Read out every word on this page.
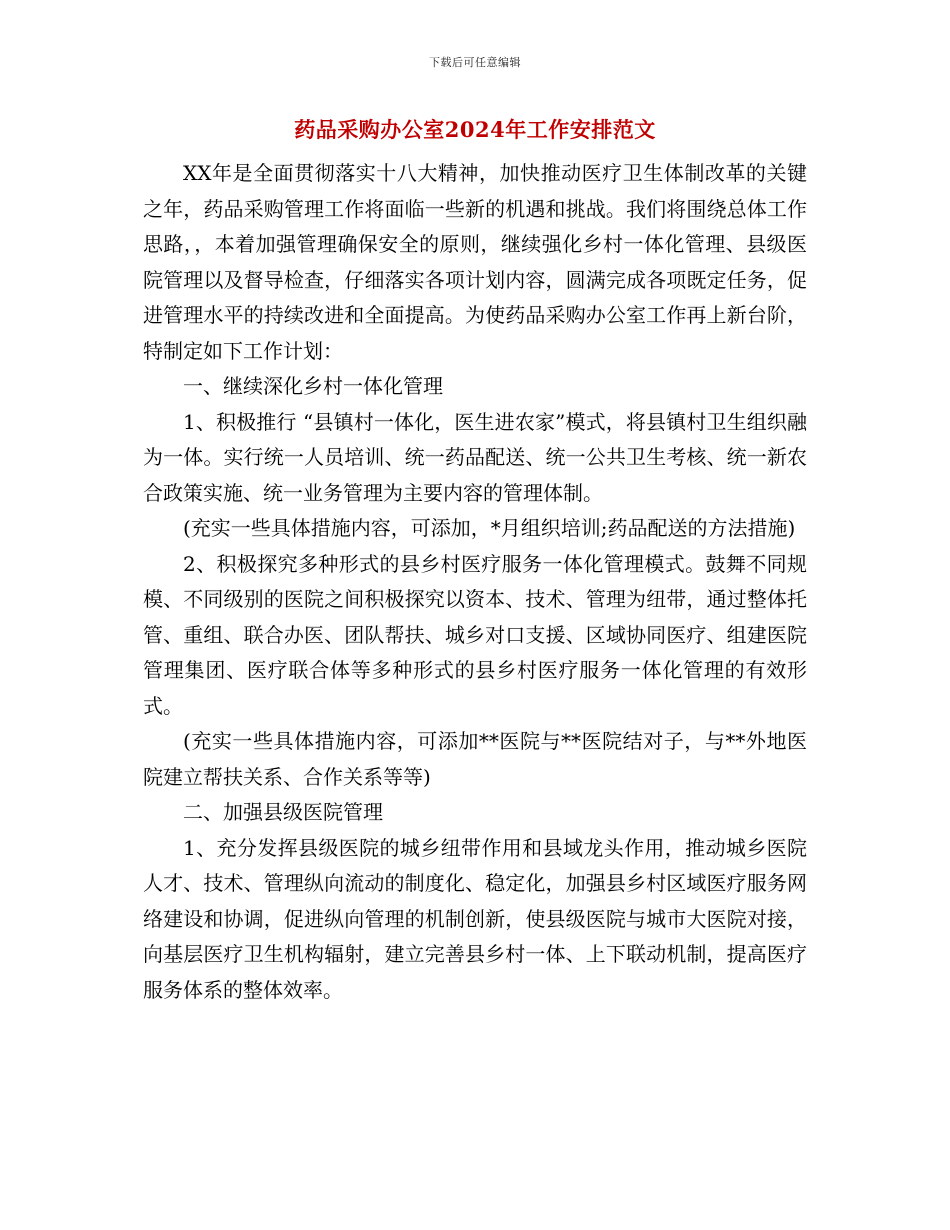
下载后可任意编辑
药品采购办公室2024年工作安排范文

XX年是全面贯彻落实十八大精神，加快推动医疗卫生体制改革的关键之年，药品采购管理工作将面临一些新的机遇和挑战。我们将围绕总体工作思路，，本着加强管理确保安全的原则，继续强化乡村一体化管理、县级医院管理以及督导检查，仔细落实各项计划内容，圆满完成各项既定任务，促进管理水平的持续改进和全面提高。为使药品采购办公室工作再上新台阶，特制定如下工作计划：

一、继续深化乡村一体化管理

1、积极推行 “县镇村一体化，医生进农家”模式，将县镇村卫生组织融为一体。实行统一人员培训、统一药品配送、统一公共卫生考核、统一新农合政策实施、统一业务管理为主要内容的管理体制。

(充实一些具体措施内容，可添加，*月组织培训;药品配送的方法措施)

2、积极探究多种形式的县乡村医疗服务一体化管理模式。鼓舞不同规模、不同级别的医院之间积极探究以资本、技术、管理为纽带，通过整体托管、重组、联合办医、团队帮扶、城乡对口支援、区域协同医疗、组建医院管理集团、医疗联合体等多种形式的县乡村医疗服务一体化管理的有效形式。

(充实一些具体措施内容，可添加**医院与**医院结对子，与**外地医院建立帮扶关系、合作关系等等)

二、加强县级医院管理

1、充分发挥县级医院的城乡纽带作用和县域龙头作用，推动城乡医院人才、技术、管理纵向流动的制度化、稳定化，加强县乡村区域医疗服务网络建设和协调，促进纵向管理的机制创新，使县级医院与城市大医院对接，向基层医疗卫生机构辐射，建立完善县乡村一体、上下联动机制，提高医疗服务体系的整体效率。
